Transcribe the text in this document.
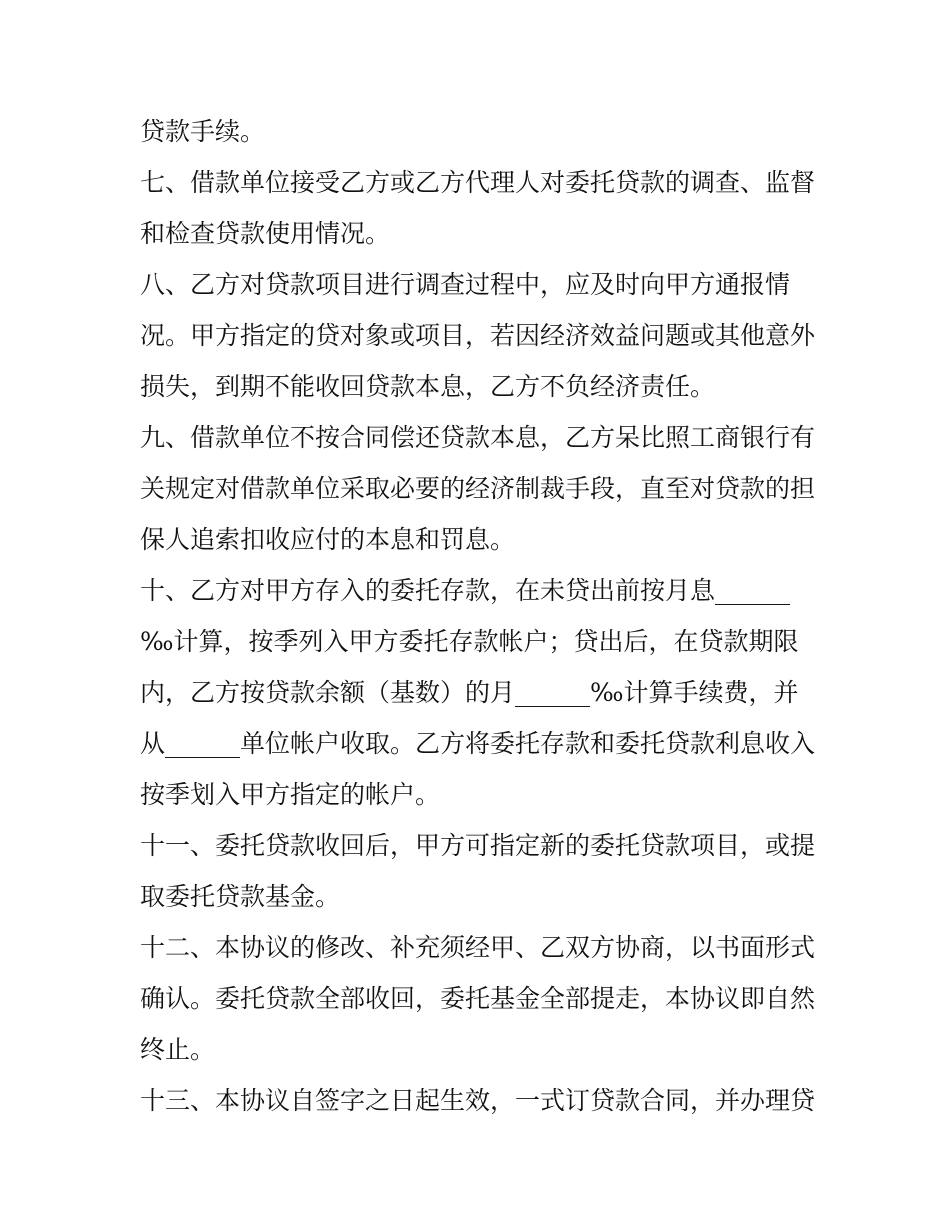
贷款手续。
七、借款单位接受乙方或乙方代理人对委托贷款的调查、监督
和检查贷款使用情况。
八、乙方对贷款项目进行调查过程中，应及时向甲方通报情
况。甲方指定的贷对象或项目，若因经济效益问题或其他意外
损失，到期不能收回贷款本息，乙方不负经济责任。
九、借款单位不按合同偿还贷款本息，乙方呆比照工商银行有
关规定对借款单位采取必要的经济制裁手段，直至对贷款的担
保人追索扣收应付的本息和罚息。
十、乙方对甲方存入的委托存款，在未贷出前按月息______
‰计算，按季列入甲方委托存款帐户；贷出后，在贷款期限
内，乙方按贷款余额（基数）的月______‰计算手续费，并
从______单位帐户收取。乙方将委托存款和委托贷款利息收入
按季划入甲方指定的帐户。
十一、委托贷款收回后，甲方可指定新的委托贷款项目，或提
取委托贷款基金。
十二、本协议的修改、补充须经甲、乙双方协商，以书面形式
确认。委托贷款全部收回，委托基金全部提走，本协议即自然
终止。
十三、本协议自签字之日起生效，一式订贷款合同，并办理贷
